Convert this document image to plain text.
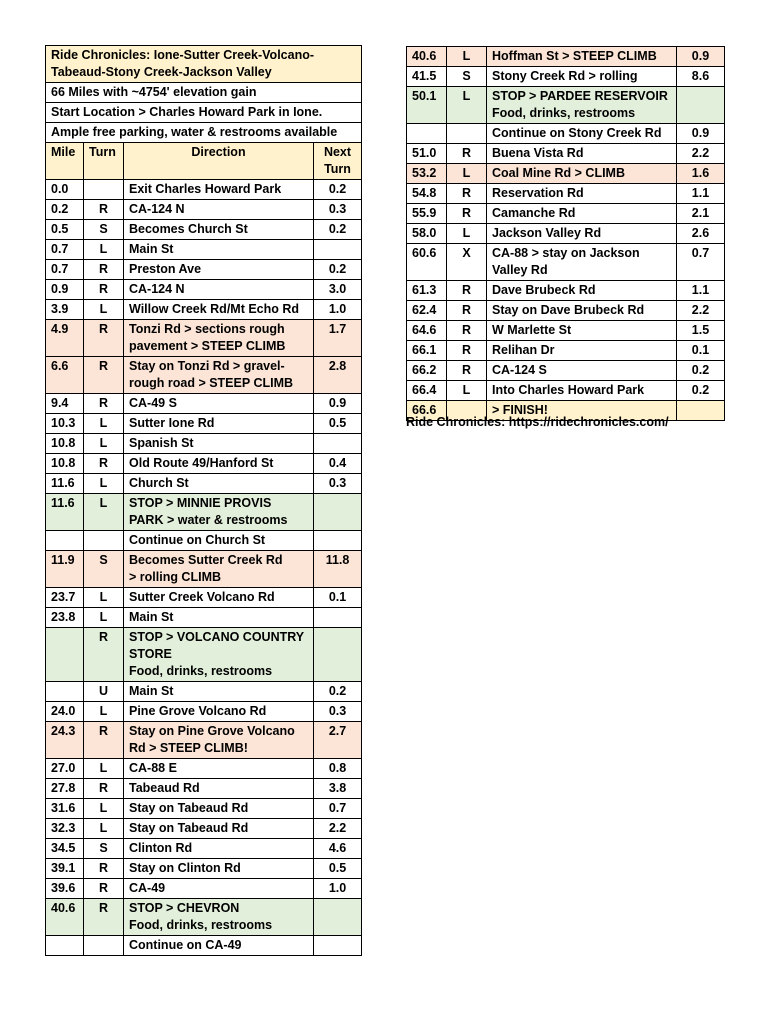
Ride Chronicles: Ione-Sutter Creek-Volcano-
Tabeaud-Stony Creek-Jackson Valley			
66 Miles with ~4754' elevation gain			
Start Location > Charles Howard Park in Ione.			
Ample free parking, water & restrooms available			
Mile	Turn	Direction	Next
Turn
0.0		Exit Charles Howard Park	0.2
0.2	R	CA-124 N	0.3
0.5	S	Becomes Church St	0.2
0.7	L	Main St	
0.7	R	Preston Ave	0.2
0.9	R	CA-124 N	3.0
3.9	L	Willow Creek Rd/Mt Echo Rd	1.0
4.9	R	Tonzi Rd > sections rough
pavement > STEEP CLIMB	1.7
6.6	R	Stay on Tonzi Rd > gravel-
rough road > STEEP CLIMB	2.8
9.4	R	CA-49 S	0.9
10.3	L	Sutter Ione Rd	0.5
10.8	L	Spanish St	
10.8	R	Old Route 49/Hanford St	0.4
11.6	L	Church St	0.3
11.6	L	STOP > MINNIE PROVIS
PARK > water & restrooms	
		Continue on Church St	
11.9	S	Becomes Sutter Creek Rd
> rolling CLIMB	11.8
23.7	L	Sutter Creek Volcano Rd	0.1
23.8	L	Main St	
	R	STOP > VOLCANO COUNTRY
STORE
Food, drinks, restrooms	
	U	Main St	0.2
24.0	L	Pine Grove Volcano Rd	0.3
24.3	R	Stay on Pine Grove Volcano
Rd > STEEP CLIMB!	2.7
27.0	L	CA-88 E	0.8
27.8	R	Tabeaud Rd	3.8
31.6	L	Stay on Tabeaud Rd	0.7
32.3	L	Stay on Tabeaud Rd	2.2
34.5	S	Clinton Rd	4.6
39.1	R	Stay on Clinton Rd	0.5
39.6	R	CA-49	1.0
40.6	R	STOP > CHEVRON
Food, drinks, restrooms	
		Continue on CA-49	
40.6	L	Hoffman St > STEEP CLIMB	0.9
41.5	S	Stony Creek Rd > rolling	8.6
50.1	L	STOP > PARDEE RESERVOIR
Food, drinks, restrooms	
		Continue on Stony Creek Rd	0.9
51.0	R	Buena Vista Rd	2.2
53.2	L	Coal Mine Rd > CLIMB	1.6
54.8	R	Reservation Rd	1.1
55.9	R	Camanche Rd	2.1
58.0	L	Jackson Valley Rd	2.6
60.6	X	CA-88 > stay on Jackson
Valley Rd	0.7
61.3	R	Dave Brubeck Rd	1.1
62.4	R	Stay on Dave Brubeck Rd	2.2
64.6	R	W Marlette St	1.5
66.1	R	Relihan Dr	0.1
66.2	R	CA-124 S	0.2
66.4	L	Into Charles Howard Park	0.2
66.6		> FINISH!	
Ride Chronicles: https://ridechronicles.com/
